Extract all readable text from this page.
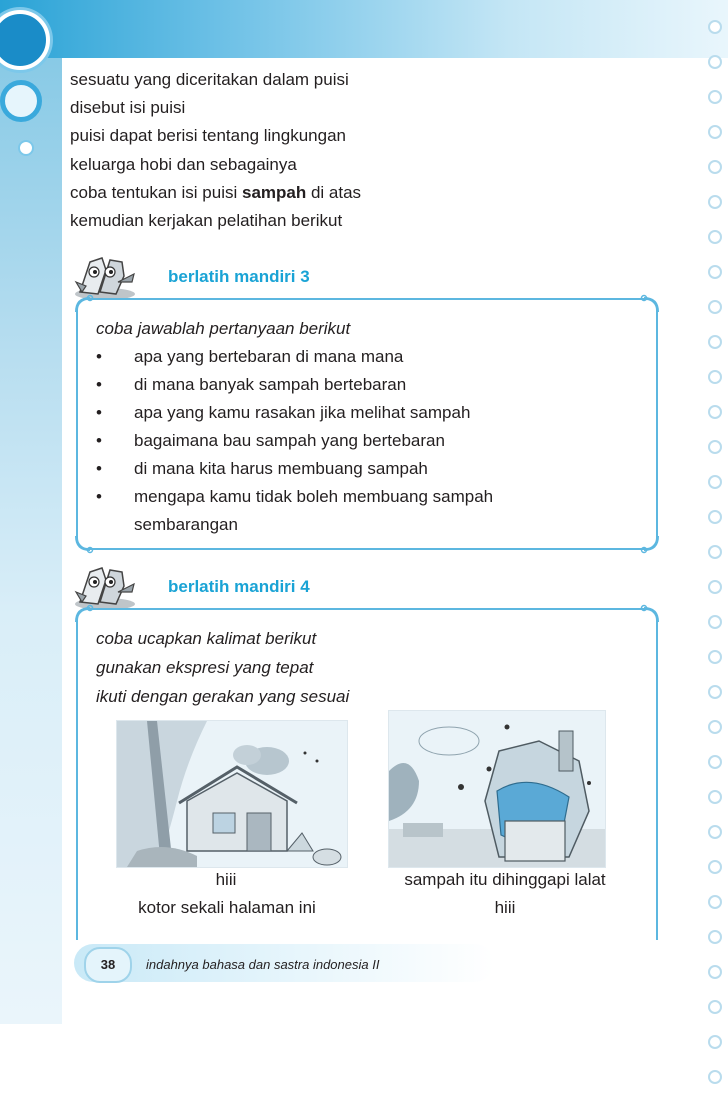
sesuatu yang diceritakan dalam puisi

disebut isi puisi

puisi dapat berisi tentang lingkungan

keluarga hobi dan sebagainya

coba tentukan isi puisi sampah di atas

kemudian kerjakan pelatihan berikut

berlatih mandiri 3

coba jawablah pertanyaan berikut

• apa yang bertebaran di mana mana
• di mana banyak sampah bertebaran
• apa yang kamu rasakan jika melihat sampah
• bagaimana bau sampah yang bertebaran
• di mana kita harus membuang sampah
• mengapa kamu tidak boleh membuang sampah
sembarangan
berlatih mandiri 4

coba ucapkan kalimat berikut

gunakan ekspresi yang tepat

ikuti dengan gerakan yang sesuai

hiii
kotor sekali halaman ini
sampah itu dihinggapi lalat
hiii
38	indahnya bahasa dan sastra indonesia II
